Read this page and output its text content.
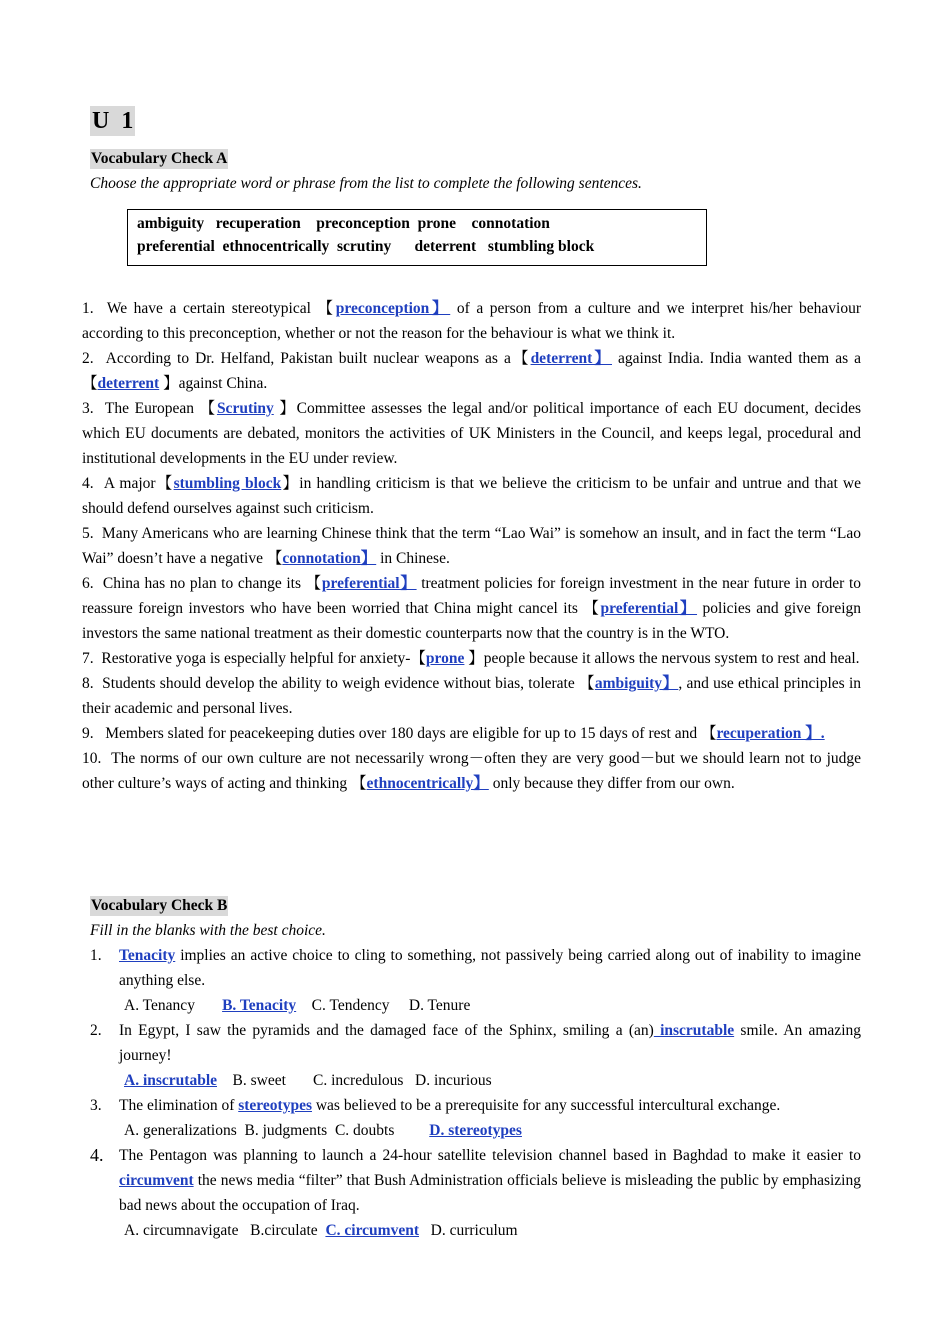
U 1
Vocabulary Check A
Choose the appropriate word or phrase from the list to complete the following sentences.
ambiguity   recuperation    preconception  prone    connotation
preferential  ethnocentrically  scrutiny      deterrent   stumbling block

1. We have a certain stereotypical 【preconception】 of a person from a culture and we interpret his/her behaviour according to this preconception, whether or not the reason for the behaviour is what we think it.

2. According to Dr. Helfand, Pakistan built nuclear weapons as a【deterrent】 against India. India wanted them as a 【deterrent 】against China.

3. The European 【Scrutiny 】Committee assesses the legal and/or political importance of each EU document, decides which EU documents are debated, monitors the activities of UK Ministers in the Council, and keeps legal, procedural and institutional developments in the EU under review.

4. A major【stumbling block】in handling criticism is that we believe the criticism to be unfair and untrue and that we should defend ourselves against such criticism.

5. Many Americans who are learning Chinese think that the term “Lao Wai” is somehow an insult, and in fact the term “Lao Wai” doesn’t have a negative 【connotation】 in Chinese.

6. China has no plan to change its 【preferential】 treatment policies for foreign investment in the near future in order to reassure foreign investors who have been worried that China might cancel its 【preferential】 policies and give foreign investors the same national treatment as their domestic counterparts now that the country is in the WTO.

7. Restorative yoga is especially helpful for anxiety-【prone 】people because it allows the nervous system to rest and heal.

8. Students should develop the ability to weigh evidence without bias, tolerate 【ambiguity】, and use ethical principles in their academic and personal lives.

9.   Members slated for peacekeeping duties over 180 days are eligible for up to 15 days of rest and 【recuperation 】.

10. The norms of our own culture are not necessarily wrong－often they are very good－but we should learn not to judge other culture’s ways of acting and thinking 【ethnocentrically】 only because they differ from our own.

Vocabulary Check B
Fill in the blanks with the best choice.
1. Tenacity implies an active choice to cling to something, not passively being carried along out of inability to imagine anything else.
A. Tenancy B. Tenacity C. Tendency D. Tenure
2. In Egypt, I saw the pyramids and the damaged face of the Sphinx, smiling a (an) inscrutable smile. An amazing journey!
A. inscrutable B. sweet C. incredulous D. incurious
3. The elimination of stereotypes was believed to be a prerequisite for any successful intercultural exchange.
A. generalizations B. judgments C. doubts D. stereotypes
4. The Pentagon was planning to launch a 24-hour satellite television channel based in Baghdad to make it easier to circumvent the news media “filter” that Bush Administration officials believe is misleading the public by emphasizing bad news about the occupation of Iraq.
A. circumnavigate B.circulate C. circumvent D. curriculum
